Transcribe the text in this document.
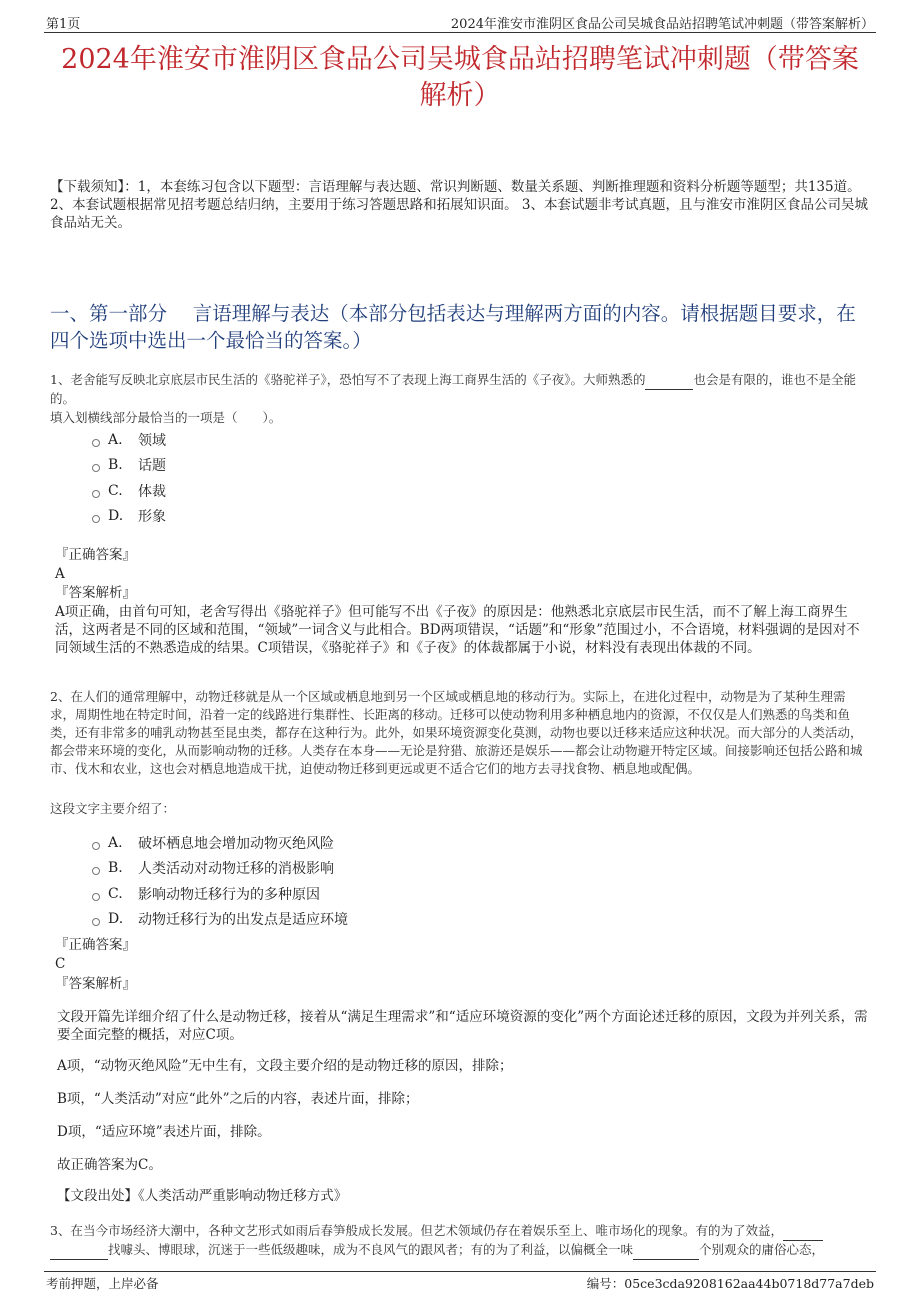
第1页	2024年淮安市淮阴区食品公司吴城食品站招聘笔试冲刺题（带答案解析）
2024年淮安市淮阴区食品公司吴城食品站招聘笔试冲刺题（带答案解析）
【下载须知】：1，本套练习包含以下题型：言语理解与表达题、常识判断题、数量关系题、判断推理题和资料分析题等题型；共135道。 2、本套试题根据常见招考题总结归纳，主要用于练习答题思路和拓展知识面。 3、本套试题非考试真题，且与淮安市淮阴区食品公司吴城食品站无关。
一、第一部分　 言语理解与表达（本部分包括表达与理解两方面的内容。请根据题目要求，在四个选项中选出一个最恰当的答案。）
1、老舍能写反映北京底层市民生活的《骆驼祥子》，恐怕写不了表现上海工商界生活的《子夜》。大师熟悉的	也会是有限的，谁也不是全能的。
填入划横线部分最恰当的一项是（　　）。
A.	领域
B.	话题
C.	体裁
D.	形象
『正确答案』
A
『答案解析』
A项正确，由首句可知，老舍写得出《骆驼祥子》但可能写不出《子夜》的原因是：他熟悉北京底层市民生活，而不了解上海工商界生活，这两者是不同的区域和范围，“领域”一词含义与此相合。BD两项错误，“话题”和“形象”范围过小，不合语境，材料强调的是因对不同领域生活的不熟悉造成的结果。C项错误，《骆驼祥子》和《子夜》的体裁都属于小说，材料没有表现出体裁的不同。
2、在人们的通常理解中，动物迁移就是从一个区域或栖息地到另一个区域或栖息地的移动行为。实际上，在进化过程中，动物是为了某种生理需求，周期性地在特定时间，沿着一定的线路进行集群性、长距离的移动。迁移可以使动物利用多种栖息地内的资源，不仅仅是人们熟悉的鸟类和鱼类，还有非常多的哺乳动物甚至昆虫类，都存在这种行为。此外，如果环境资源变化莫测，动物也要以迁移来适应这种状况。而大部分的人类活动，都会带来环境的变化，从而影响动物的迁移。人类存在本身——无论是狩猎、旅游还是娱乐——都会让动物避开特定区域。间接影响还包括公路和城市、伐木和农业，这也会对栖息地造成干扰，迫使动物迁移到更远或更不适合它们的地方去寻找食物、栖息地或配偶。
这段文字主要介绍了：
A.	破坏栖息地会增加动物灭绝风险
B.	人类活动对动物迁移的消极影响
C.	影响动物迁移行为的多种原因
D.	动物迁移行为的出发点是适应环境
『正确答案』
C
『答案解析』
文段开篇先详细介绍了什么是动物迁移，接着从“满足生理需求”和“适应环境资源的变化”两个方面论述迁移的原因，文段为并列关系，需要全面完整的概括，对应C项。
A项，“动物灭绝风险”无中生有，文段主要介绍的是动物迁移的原因，排除；
B项，“人类活动”对应“此外”之后的内容，表述片面，排除；
D项，“适应环境”表述片面，排除。
故正确答案为C。
【文段出处】《人类活动严重影响动物迁移方式》
3、在当今市场经济大潮中，各种文艺形式如雨后春笋般成长发展。但艺术领域仍存在着娱乐至上、唯市场化的现象。有的为了效益，
找噱头、博眼球，沉迷于一些低级趣味，成为不良风气的跟风者；有的为了利益，以偏概全一味	个别观众的庸俗心态，
考前押题，上岸必备	编号：05ce3cda9208162aa44b0718d77a7deb
